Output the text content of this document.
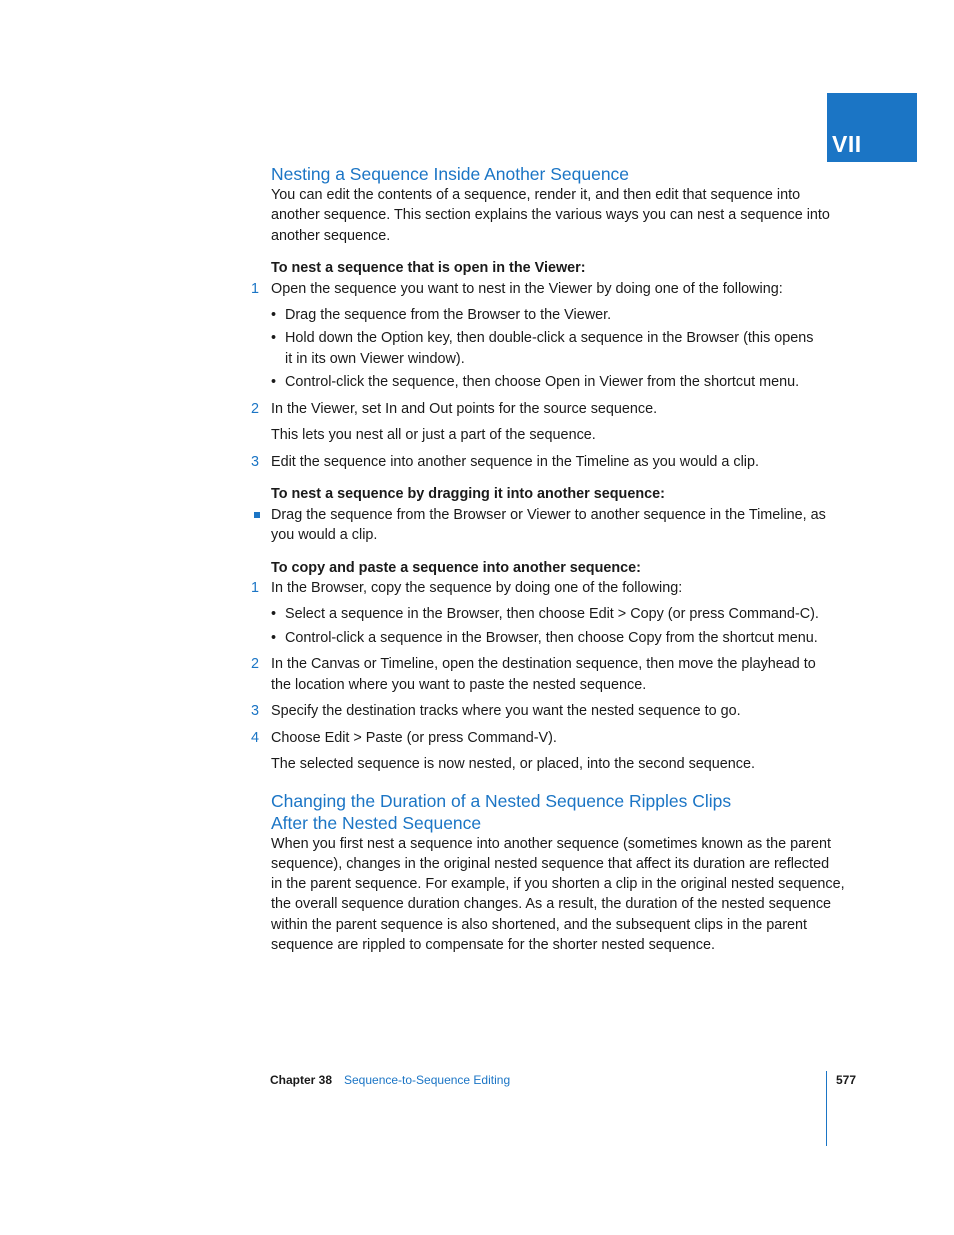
VII
Nesting a Sequence Inside Another Sequence
You can edit the contents of a sequence, render it, and then edit that sequence into
another sequence. This section explains the various ways you can nest a sequence into
another sequence.
To nest a sequence that is open in the Viewer:
1 Open the sequence you want to nest in the Viewer by doing one of the following:
• Drag the sequence from the Browser to the Viewer.
• Hold down the Option key, then double-click a sequence in the Browser (this opens
it in its own Viewer window).
• Control-click the sequence, then choose Open in Viewer from the shortcut menu.
2 In the Viewer, set In and Out points for the source sequence.
This lets you nest all or just a part of the sequence.
3 Edit the sequence into another sequence in the Timeline as you would a clip.
To nest a sequence by dragging it into another sequence:
Drag the sequence from the Browser or Viewer to another sequence in the Timeline, as
you would a clip.
To copy and paste a sequence into another sequence:
1 In the Browser, copy the sequence by doing one of the following:
• Select a sequence in the Browser, then choose Edit > Copy (or press Command-C).
• Control-click a sequence in the Browser, then choose Copy from the shortcut menu.
2 In the Canvas or Timeline, open the destination sequence, then move the playhead to
the location where you want to paste the nested sequence.
3 Specify the destination tracks where you want the nested sequence to go.
4 Choose Edit > Paste (or press Command-V).
The selected sequence is now nested, or placed, into the second sequence.
Changing the Duration of a Nested Sequence Ripples Clips
After the Nested Sequence
When you first nest a sequence into another sequence (sometimes known as the parent
sequence), changes in the original nested sequence that affect its duration are reflected
in the parent sequence. For example, if you shorten a clip in the original nested sequence,
the overall sequence duration changes. As a result, the duration of the nested sequence
within the parent sequence is also shortened, and the subsequent clips in the parent
sequence are rippled to compensate for the shorter nested sequence.
Chapter 38 Sequence-to-Sequence Editing	577
